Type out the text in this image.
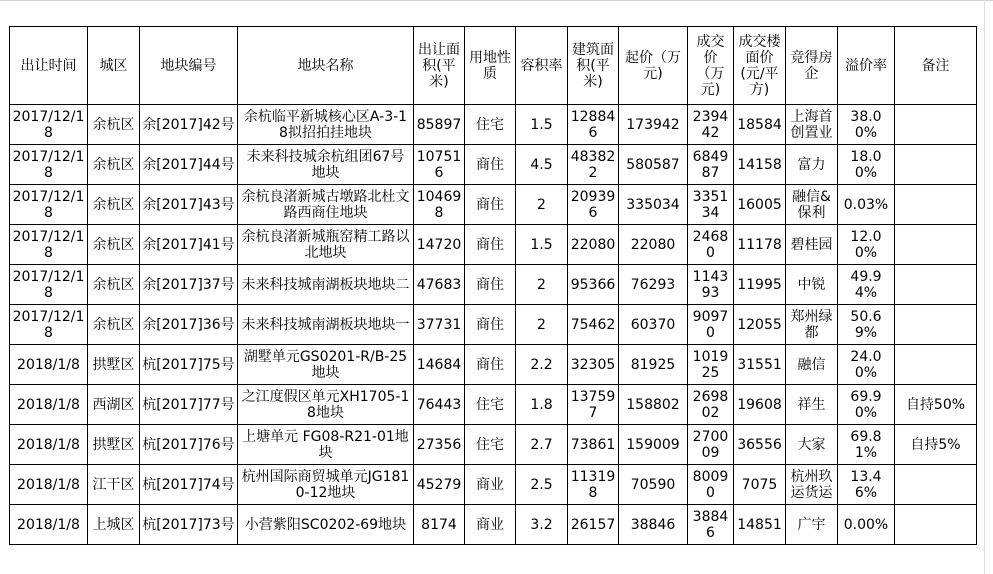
出让时间	城区	地块编号	地块名称	出让面积(平米)	用地性质	容积率	建筑面积(平米)	起价（万元)	成交价（万元)	成交楼面价(元/平方)	竞得房企	溢价率	备注
2017/12/18	余杭区	余[2017]42号	余杭临平新城核心区A-3-18拟招拍挂地块	85897	住宅	1.5	128846	173942	239442	18584	上海首创置业	38.00%	
2017/12/18	余杭区	余[2017]44号	未来科技城余杭组团67号地块	107516	商住	4.5	483822	580587	684987	14158	富力	18.00%	
2017/12/18	余杭区	余[2017]43号	余杭良渚新城古墩路北杜文路西商住地块	104698	商住	2	209396	335034	335134	16005	融信&保利	0.03%	
2017/12/18	余杭区	余[2017]41号	余杭良渚新城瓶窑精工路以北地块	14720	商住	1.5	22080	22080	24680	11178	碧桂园	12.00%	
2017/12/18	余杭区	余[2017]37号	未来科技城南湖板块地块二	47683	商住	2	95366	76293	114393	11995	中锐	49.94%	
2017/12/18	余杭区	余[2017]36号	未来科技城南湖板块地块一	37731	商住	2	75462	60370	90970	12055	郑州绿都	50.69%	
2018/1/8	拱墅区	杭[2017]75号	湖墅单元GS0201-R/B-25地块	14684	商住	2.2	32305	81925	101925	31551	融信	24.00%	
2018/1/8	西湖区	杭[2017]77号	之江度假区单元XH1705-18地块	76443	住宅	1.8	137597	158802	269802	19608	祥生	69.90%	自持50%
2018/1/8	拱墅区	杭[2017]76号	上塘单元 FG08-R21-01地块	27356	住宅	2.7	73861	159009	270009	36556	大家	69.81%	自持5%
2018/1/8	江干区	杭[2017]74号	杭州国际商贸城单元JG1810-12地块	45279	商业	2.5	113198	70590	80090	7075	杭州玖运货运	13.46%	
2018/1/8	上城区	杭[2017]73号	小营紫阳SC0202-69地块	8174	商业	3.2	26157	38846	38846	14851	广宇	0.00%	
